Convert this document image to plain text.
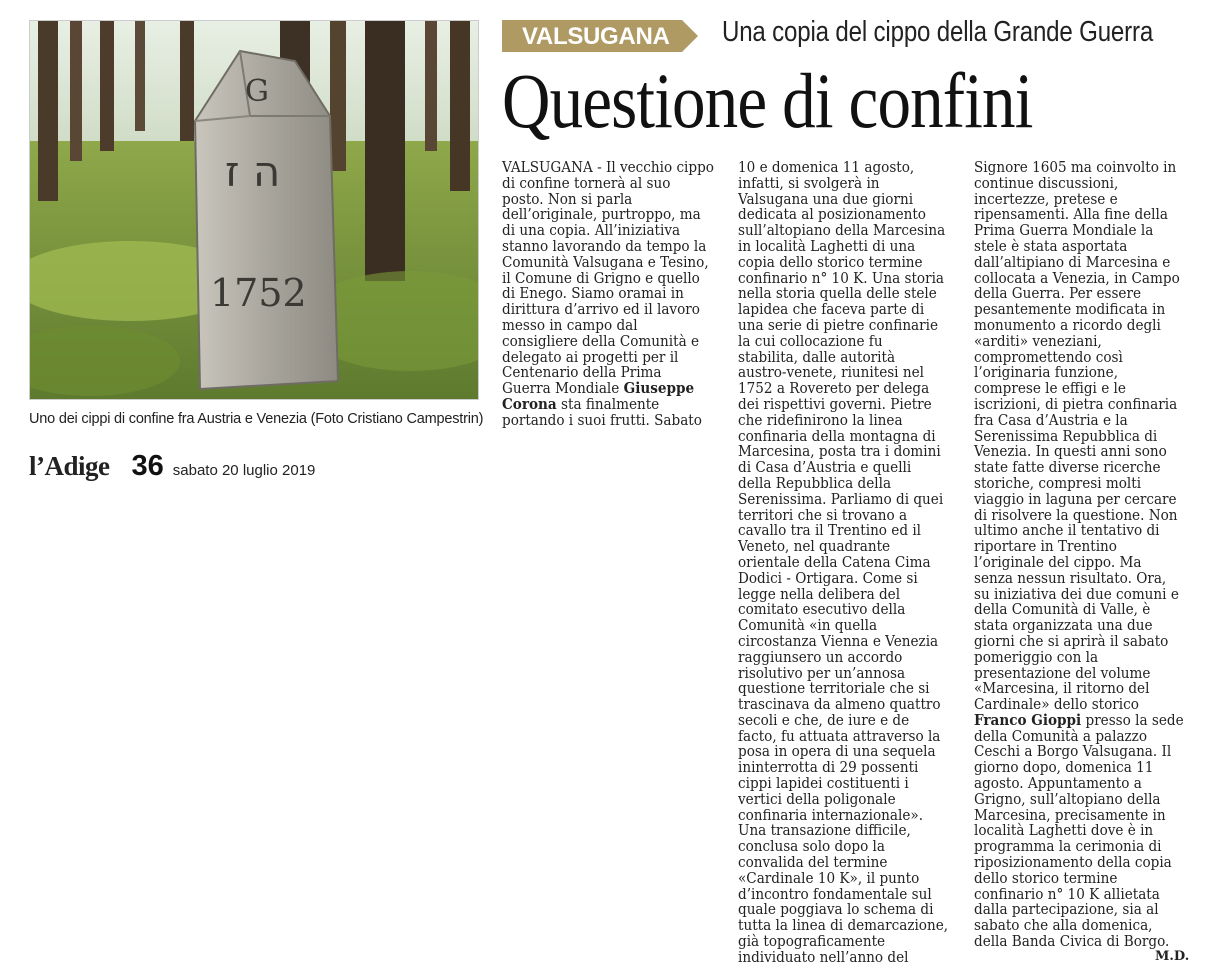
G
ה ז
1752
Uno dei cippi di confine fra Austria e Venezia (Foto Cristiano Campestrin)
l’Adige 36 sabato 20 luglio 2019
VALSUGANA Una copia del cippo della Grande Guerra
Questione di confini
VALSUGANA - Il vecchio cippo
di confine tornerà al suo
posto. Non si parla
dell’originale, purtroppo, ma
di una copia. All’iniziativa
stanno lavorando da tempo la
Comunità Valsugana e Tesino,
il Comune di Grigno e quello
di Enego. Siamo oramai in
dirittura d’arrivo ed il lavoro
messo in campo dal
consigliere della Comunità e
delegato ai progetti per il
Centenario della Prima
Guerra Mondiale Giuseppe
Corona sta finalmente
portando i suoi frutti. Sabato
10 e domenica 11 agosto,
infatti, si svolgerà in
Valsugana una due giorni
dedicata al posizionamento
sull’altopiano della Marcesina
in località Laghetti di una
copia dello storico termine
confinario n° 10 K. Una storia
nella storia quella delle stele
lapidea che faceva parte di
una serie di pietre confinarie
la cui collocazione fu
stabilita, dalle autorità
austro-venete, riunitesi nel
1752 a Rovereto per delega
dei rispettivi governi. Pietre
che ridefinirono la linea
confinaria della montagna di
Marcesina, posta tra i domini
di Casa d’Austria e quelli
della Repubblica della
Serenissima. Parliamo di quei
territori che si trovano a
cavallo tra il Trentino ed il
Veneto, nel quadrante
orientale della Catena Cima
Dodici - Ortigara. Come si
legge nella delibera del
comitato esecutivo della
Comunità «in quella
circostanza Vienna e Venezia
raggiunsero un accordo
risolutivo per un’annosa
questione territoriale che si
trascinava da almeno quattro
secoli e che, de iure e de
facto, fu attuata attraverso la
posa in opera di una sequela
ininterrotta di 29 possenti
cippi lapidei costituenti i
vertici della poligonale
confinaria internazionale».
Una transazione difficile,
conclusa solo dopo la
convalida del termine
«Cardinale 10 K», il punto
d’incontro fondamentale sul
quale poggiava lo schema di
tutta la linea di demarcazione,
già topograficamente
individuato nell’anno del
Signore 1605 ma coinvolto in
continue discussioni,
incertezze, pretese e
ripensamenti. Alla fine della
Prima Guerra Mondiale la
stele è stata asportata
dall’altipiano di Marcesina e
collocata a Venezia, in Campo
della Guerra. Per essere
pesantemente modificata in
monumento a ricordo degli
«arditi» veneziani,
compromettendo così
l’originaria funzione,
comprese le effigi e le
iscrizioni, di pietra confinaria
fra Casa d’Austria e la
Serenissima Repubblica di
Venezia. In questi anni sono
state fatte diverse ricerche
storiche, compresi molti
viaggio in laguna per cercare
di risolvere la questione. Non
ultimo anche il tentativo di
riportare in Trentino
l’originale del cippo. Ma
senza nessun risultato. Ora,
su iniziativa dei due comuni e
della Comunità di Valle, è
stata organizzata una due
giorni che si aprirà il sabato
pomeriggio con la
presentazione del volume
«Marcesina, il ritorno del
Cardinale» dello storico
Franco Gioppi presso la sede
della Comunità a palazzo
Ceschi a Borgo Valsugana. Il
giorno dopo, domenica 11
agosto. Appuntamento a
Grigno, sull’altopiano della
Marcesina, precisamente in
località Laghetti dove è in
programma la cerimonia di
riposizionamento della copia
dello storico termine
confinario n° 10 K allietata
dalla partecipazione, sia al
sabato che alla domenica,
della Banda Civica di Borgo.
M.D.
